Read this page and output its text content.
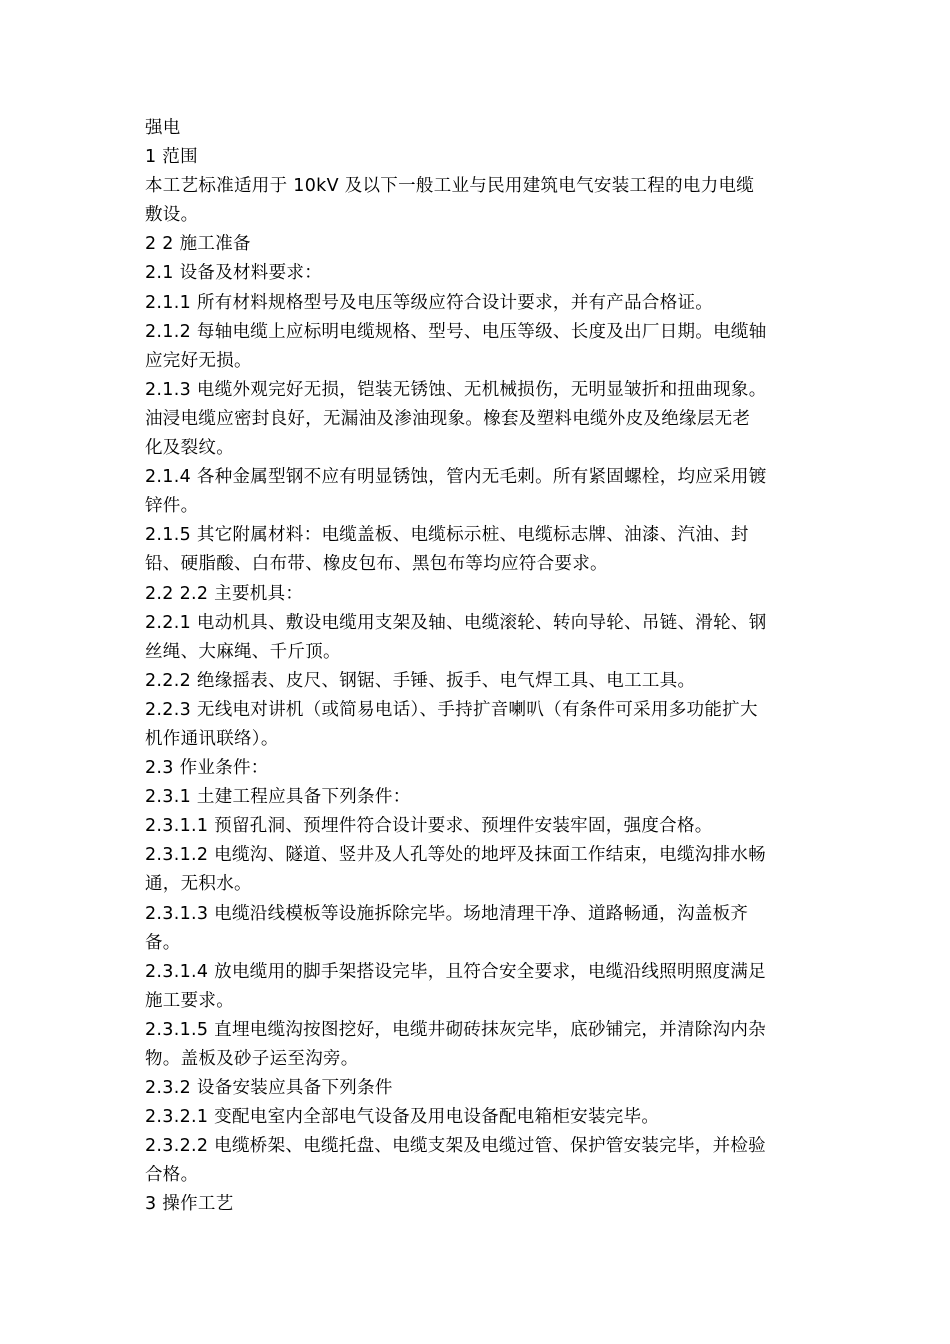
强电

1 范围

本工艺标准适用于 10kV 及以下一般工业与民用建筑电气安装工程的电力电缆
敷设。

2 2 施工准备

2.1 设备及材料要求：

2.1.1 所有材料规格型号及电压等级应符合设计要求，并有产品合格证。

2.1.2 每轴电缆上应标明电缆规格、型号、电压等级、长度及出厂日期。电缆轴
应完好无损。

2.1.3 电缆外观完好无损，铠装无锈蚀、无机械损伤，无明显皱折和扭曲现象。
油浸电缆应密封良好，无漏油及渗油现象。橡套及塑料电缆外皮及绝缘层无老
化及裂纹。

2.1.4 各种金属型钢不应有明显锈蚀，管内无毛刺。所有紧固螺栓，均应采用镀
锌件。

2.1.5 其它附属材料：电缆盖板、电缆标示桩、电缆标志牌、油漆、汽油、封
铅、硬脂酸、白布带、橡皮包布、黑包布等均应符合要求。

2.2 2.2 主要机具：

2.2.1 电动机具、敷设电缆用支架及轴、电缆滚轮、转向导轮、吊链、滑轮、钢
丝绳、大麻绳、千斤顶。

2.2.2 绝缘摇表、皮尺、钢锯、手锤、扳手、电气焊工具、电工工具。

2.2.3 无线电对讲机（或简易电话）、手持扩音喇叭（有条件可采用多功能扩大
机作通讯联络）。

2.3 作业条件：

2.3.1 土建工程应具备下列条件：

2.3.1.1 预留孔洞、预埋件符合设计要求、预埋件安装牢固，强度合格。

2.3.1.2 电缆沟、隧道、竖井及人孔等处的地坪及抹面工作结束，电缆沟排水畅
通，无积水。

2.3.1.3 电缆沿线模板等设施拆除完毕。场地清理干净、道路畅通，沟盖板齐
备。

2.3.1.4 放电缆用的脚手架搭设完毕，且符合安全要求，电缆沿线照明照度满足
施工要求。

2.3.1.5 直埋电缆沟按图挖好，电缆井砌砖抹灰完毕，底砂铺完，并清除沟内杂
物。盖板及砂子运至沟旁。

2.3.2 设备安装应具备下列条件

2.3.2.1 变配电室内全部电气设备及用电设备配电箱柜安装完毕。

2.3.2.2 电缆桥架、电缆托盘、电缆支架及电缆过管、保护管安装完毕，并检验
合格。

3 操作工艺
